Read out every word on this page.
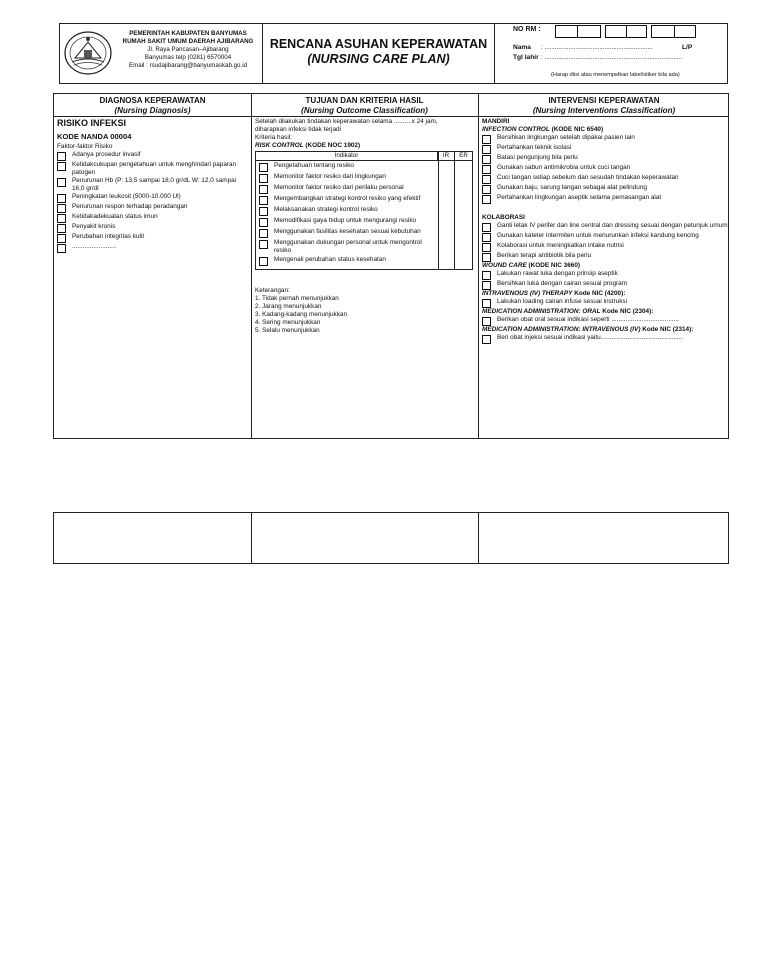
PEMERINTAH KABUPATEN BANYUMAS
RUMAH SAKIT UMUM DAERAH AJIBARANG
Jl. Raya Pancasan–Ajibarang
Banyumas telp (0281) 6570004
Email : rsudajibarang@banyumaskab.go.id
RENCANA ASUHAN KEPERAWATAN
(NURSING CARE PLAN)
NO RM :
Nama : ...............................................................	L/P
Tgl lahir : ................................................................................
(Harap diisi atau menempelkan label/stiker bila ada)
DIAGNOSA KEPERAWATAN
(Nursing Diagnosis)
TUJUAN DAN KRITERIA HASIL
(Nursing Outcome Classification)
INTERVENSI KEPERAWATAN
(Nursing Interventions Classification)
RISIKO INFEKSI
KODE NANDA 00004
Faktor-faktor Risiko
Adanya prosedur invasif
Ketidakcukupan pengetahuan untuk menghindari paparan patogen
Penurunan Hb (P: 13,5 sampai 18,0 gr/dL W: 12,0 sampai 16,0 gr/dl
Peningkatan leukosit (5000-10.000 Ul)
Penurunan respon terhadap peradangan
Ketidakadekuatan status imun
Penyakit kronis
Perubahan integritas kulit
.........................
Setelah dilakukan tindakan keperawatan selama ..........x 24 jam,
diharapkan infeksi tidak terjadi
Kriteria hasil:
RISK CONTROL (KODE NOC 1902)
Indikator	IR	ER
Pengetahuan tentang resiko
Memonitor faktor resiko dari lingkungan
Memonitor faktor resiko dari perilaku personal
Mengembangkan strategi kontrol resiko yang efektif
Melaksanakan strategi kontrol resiko
Memodifikasi gaya hidup untuk mengurangi resiko
Menggunakan fasilitas kesehatan sesuai kebutuhan
Menggunakan dukungan personal untuk mengontrol resiko
Mengenali perubahan status kesehatan
Keterangan:
1. Tidak pernah menunjukkan
2. Jarang menunjukkan
3. Kadang-kadang menunjukkan
4. Sering menunjukkan
5. Selalu menunjukkan
MANDIRI
INFECTION CONTROL (KODE NIC 6540)
Bersihkan lingkungan setelah dipakai pasien lain
Pertahankan teknik isolasi
Batasi pengunjung bila perlu
Gunakan sabun antimikrobia untuk cuci tangan
Cuci tangan setiap sebelum dan sesudah tindakan keperawatan
Gunakan baju, sarung tangan sebagai alat pelindung
Pertahankan lingkungan aseptik selama pemasangan alat
KOLABORASI
Ganti letak IV perifer dan line central dan dressing sesuai dengan petunjuk umum
Gunakan kateter intermiten untuk menurunkan infeksi kandung kencing
Kolaborasi untuk meningkatkan intake nutrisi
Berikan terapi antibiotik bila perlu
WOUND CARE (KODE NIC 3660)
Lakukan rawat luka dengan prinsip aseptik
Bersihkan luka dengan cairan sesuai program
INTRAVENOUS (IV) THERAPY Kode NIC (4200):
Lakukan loading cairan infuse sesuai instruksi
MEDICATION ADMINISTRATION: ORAL Kode NIC (2304):
Berikan obat oral sesuai indikasi seperti ......................................
MEDICATION ADMINISTRATION: INTRAVENOUS (IV) Kode NIC (2314):
Beri obat injeksi sesuai indikasi yaitu..............................................
